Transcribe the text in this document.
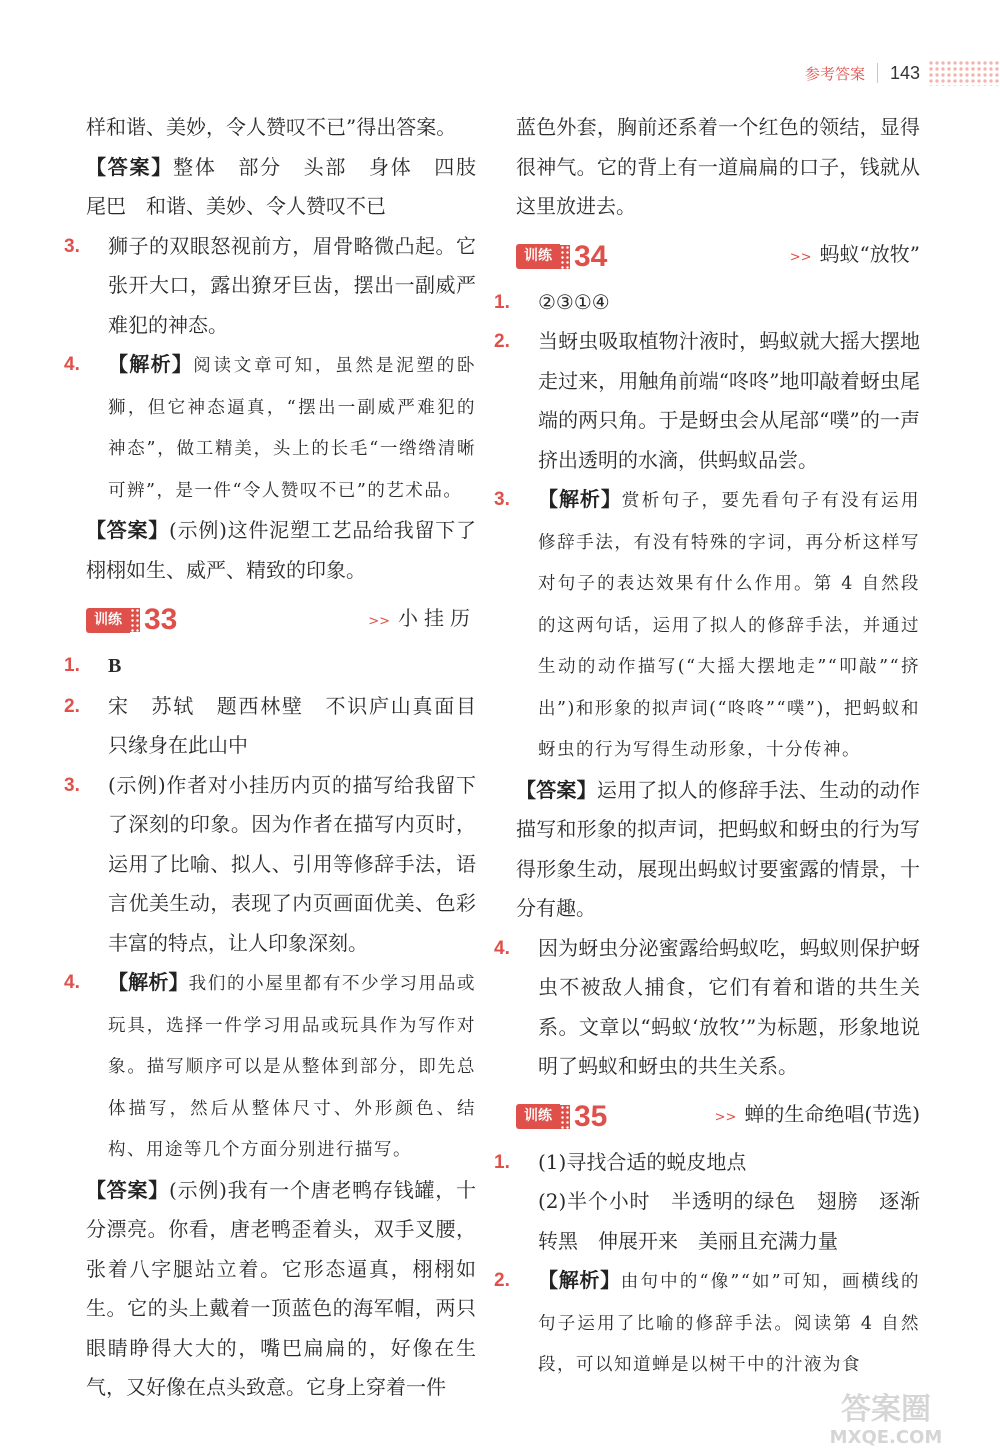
参考答案 143

样和谐、美妙，令人赞叹不已”得出答案。

【答案】整体　部分　头部　身体　四肢　尾巴　和谐、美妙、令人赞叹不已

3. 狮子的双眼怒视前方，眉骨略微凸起。它张开大口，露出獠牙巨齿，摆出一副威严难犯的神态。

4. 【解析】阅读文章可知，虽然是泥塑的卧狮，但它神态逼真，“摆出一副威严难犯的神态”，做工精美，头上的长毛“一绺绺清晰可辨”，是一件“令人赞叹不已”的艺术品。

【答案】(示例)这件泥塑工艺品给我留下了栩栩如生、威严、精致的印象。

训练 33	>> 小挂历

1. B

2. 宋　苏轼　题西林壁　不识庐山真面目　只缘身在此山中

3. (示例)作者对小挂历内页的描写给我留下了深刻的印象。因为作者在描写内页时，运用了比喻、拟人、引用等修辞手法，语言优美生动，表现了内页画面优美、色彩丰富的特点，让人印象深刻。

4. 【解析】我们的小屋里都有不少学习用品或玩具，选择一件学习用品或玩具作为写作对象。描写顺序可以是从整体到部分，即先总体描写，然后从整体尺寸、外形颜色、结构、用途等几个方面分别进行描写。

【答案】(示例)我有一个唐老鸭存钱罐，十分漂亮。你看，唐老鸭歪着头，双手叉腰，张着八字腿站立着。它形态逼真，栩栩如生。它的头上戴着一顶蓝色的海军帽，两只眼睛睁得大大的，嘴巴扁扁的，好像在生气，又好像在点头致意。它身上穿着一件

蓝色外套，胸前还系着一个红色的领结，显得很神气。它的背上有一道扁扁的口子，钱就从这里放进去。

训练 34	>> 蚂蚁“放牧”

1. ②③①④

2. 当蚜虫吸取植物汁液时，蚂蚁就大摇大摆地走过来，用触角前端“咚咚”地叩敲着蚜虫尾端的两只角。于是蚜虫会从尾部“噗”的一声挤出透明的水滴，供蚂蚁品尝。

3. 【解析】赏析句子，要先看句子有没有运用修辞手法，有没有特殊的字词，再分析这样写对句子的表达效果有什么作用。第 4 自然段的这两句话，运用了拟人的修辞手法，并通过生动的动作描写(“大摇大摆地走”“叩敲”“挤出”)和形象的拟声词(“咚咚”“噗”)，把蚂蚁和蚜虫的行为写得生动形象，十分传神。

【答案】运用了拟人的修辞手法、生动的动作描写和形象的拟声词，把蚂蚁和蚜虫的行为写得形象生动，展现出蚂蚁讨要蜜露的情景，十分有趣。

4. 因为蚜虫分泌蜜露给蚂蚁吃，蚂蚁则保护蚜虫不被敌人捕食，它们有着和谐的共生关系。文章以“蚂蚁‘放牧’”为标题，形象地说明了蚂蚁和蚜虫的共生关系。

训练 35	>> 蝉的生命绝唱(节选)

1. (1)寻找合适的蜕皮地点
(2)半个小时　半透明的绿色　翅膀　逐渐转黑　伸展开来　美丽且充满力量

2. 【解析】由句中的“像”“如”可知，画横线的句子运用了比喻的修辞手法。阅读第 4 自然段，可以知道蝉是以树干中的汁液为食

答案圈
MXQE.COM
